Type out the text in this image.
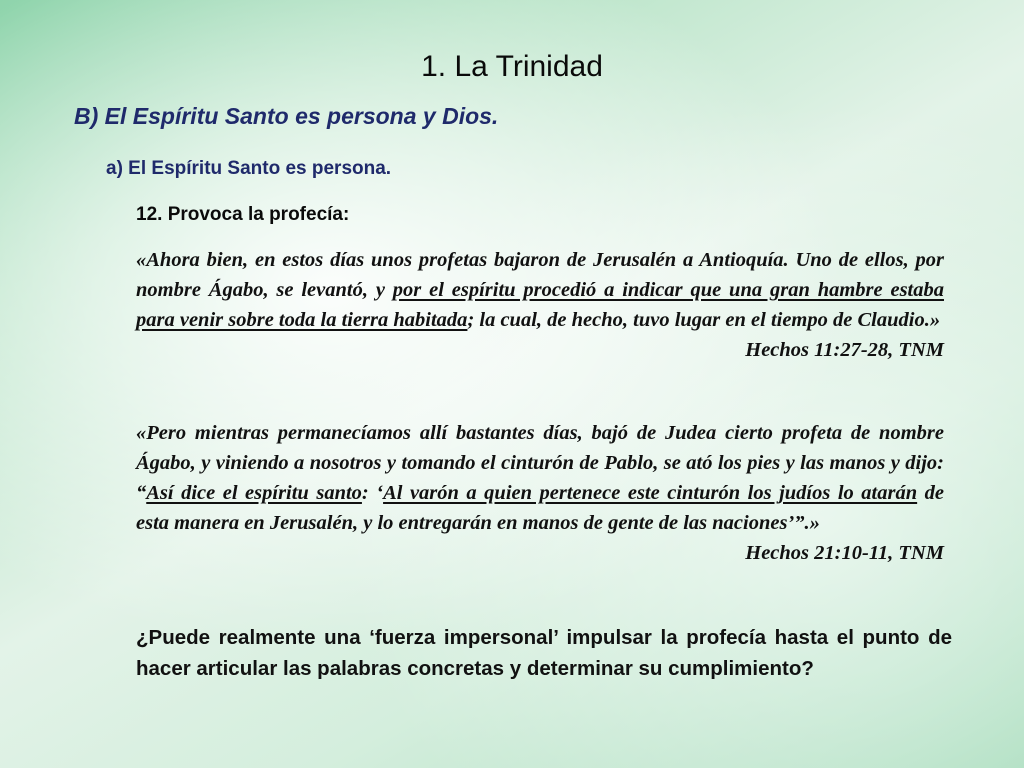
1. La Trinidad
B) El Espíritu Santo es persona y Dios.
a) El Espíritu Santo es persona.
12. Provoca la profecía:
«Ahora bien, en estos días unos profetas bajaron de Jerusalén a Antioquía. Uno de ellos, por nombre Ágabo, se levantó, y por el espíritu procedió a indicar que una gran hambre estaba para venir sobre toda la tierra habitada; la cual, de hecho, tuvo lugar en el tiempo de Claudio.»
Hechos 11:27-28, TNM
«Pero mientras permanecíamos allí bastantes días, bajó de Judea cierto profeta de nombre Ágabo, y viniendo a nosotros y tomando el cinturón de Pablo, se ató los pies y las manos y dijo: “Así dice el espíritu santo: ‘Al varón a quien pertenece este cinturón los judíos lo atarán de esta manera en Jerusalén, y lo entregarán en manos de gente de las naciones’”.»
Hechos 21:10-11, TNM
¿Puede realmente una ‘fuerza impersonal’ impulsar la profecía hasta el punto de hacer articular las palabras concretas y determinar su cumplimiento?
